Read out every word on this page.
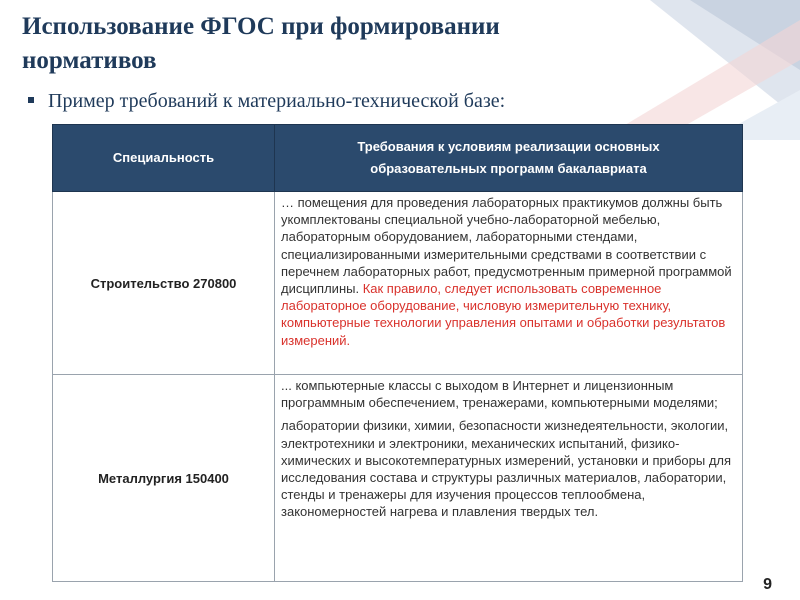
Использование ФГОС при формировании
нормативов
Пример требований к материально-технической базе:
Специальность	Требования к условиям реализации основных
образовательных программ бакалавриата

Строительство 270800	… помещения для проведения лабораторных практикумов должны быть укомплектованы специальной учебно-лабораторной мебелью, лабораторным оборудованием, лабораторными стендами, специализированными измерительными средствами в соответствии с перечнем лабораторных работ, предусмотренным примерной программой дисциплины. Как правило, следует использовать современное лабораторное оборудование, числовую измерительную технику, компьютерные технологии управления опытами и обработки результатов измерений.
Металлургия 150400	... компьютерные классы с выходом в Интернет и лицензионным программным обеспечением, тренажерами, компьютерными моделями;
лаборатории физики, химии, безопасности жизнедеятельности, экологии, электротехники и электроники, механических испытаний, физико-химических и высокотемпературных измерений, установки и приборы для исследования состава и структуры различных материалов, лаборатории, стенды и тренажеры для изучения процессов теплообмена, закономерностей нагрева и плавления твердых тел.
9
